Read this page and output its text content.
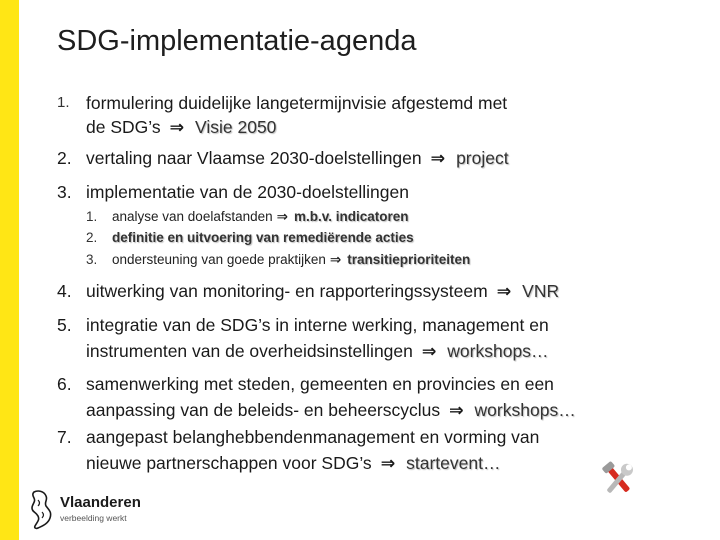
SDG-implementatie-agenda
1. formulering duidelijke langetermijnvisie afgestemd met
de SDG’s ⇒ Visie 2050
2. vertaling naar Vlaamse 2030-doelstellingen ⇒ project
3. implementatie van de 2030-doelstellingen
1. analyse van doelafstanden ⇒ m.b.v. indicatoren
2. definitie en uitvoering van remediërende acties
3. ondersteuning van goede praktijken ⇒ transitieprioriteiten
4. uitwerking van monitoring- en rapporteringssysteem ⇒ VNR
5. integratie van de SDG’s in interne werking, management en
instrumenten van de overheidsinstellingen ⇒ workshops…
6. samenwerking met steden, gemeenten en provincies en een
aanpassing van de beleids- en beheerscyclus ⇒ workshops…
7. aangepast belanghebbendenmanagement en vorming van
nieuwe partnerschappen voor SDG’s ⇒ startevent…
Vlaanderen
verbeelding werkt
